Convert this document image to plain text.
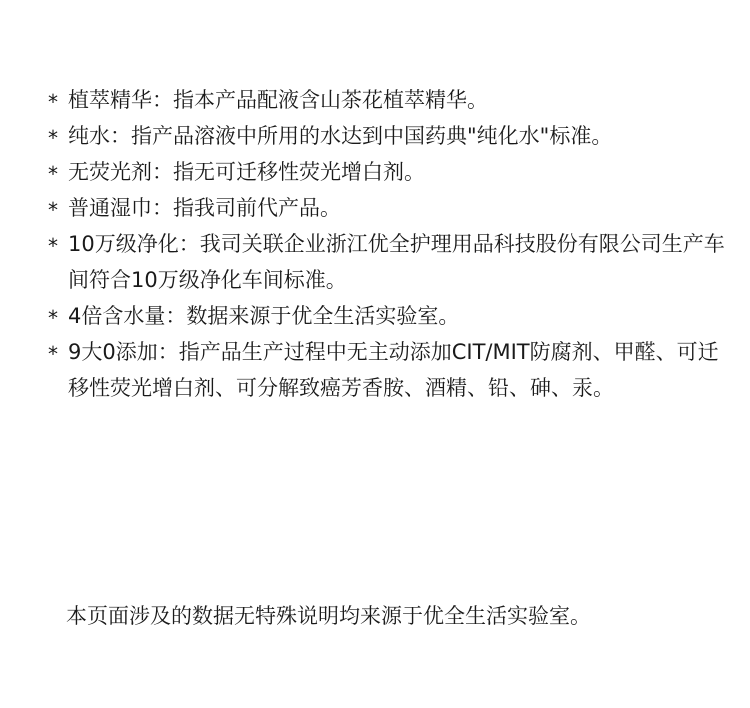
* 植萃精华：指本产品配液含山茶花植萃精华。
* 纯水：指产品溶液中所用的水达到中国药典"纯化水"标准。
* 无荧光剂：指无可迁移性荧光增白剂。
* 普通湿巾：指我司前代产品。
* 10万级净化：我司关联企业浙江优全护理用品科技股份有限公司生产车间符合10万级净化车间标准。
* 4倍含水量：数据来源于优全生活实验室。
* 9大0添加：指产品生产过程中无主动添加CIT/MIT防腐剂、甲醛、可迁移性荧光增白剂、可分解致癌芳香胺、酒精、铅、砷、汞。

本页面涉及的数据无特殊说明均来源于优全生活实验室。
